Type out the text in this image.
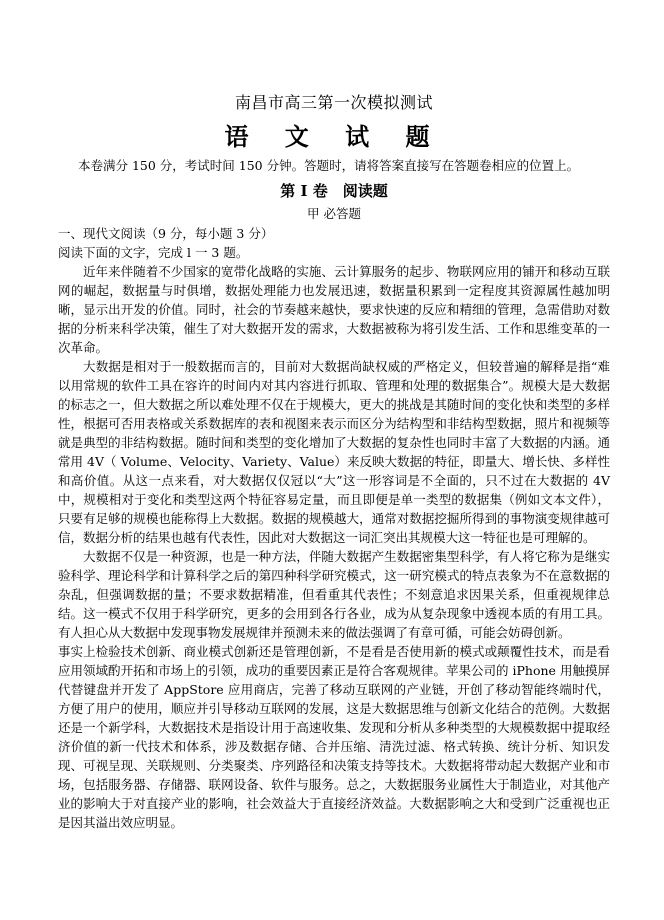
南昌市高三第一次模拟测试
语 文 试 题

本卷满分 150 分，考试时间 150 分钟。答题时，请将答案直接写在答题卷相应的位置上。

第 I 卷　阅读题
甲 必答题

一、现代文阅读（9 分，每小题 3 分）

阅读下面的文字，完成 l 一 3 题。

近年来伴随着不少国家的宽带化战略的实施、云计算服务的起步、物联网应用的铺开和移动互联网的崛起，数据量与时俱增，数据处理能力也发展迅速，数据量积累到一定程度其资源属性越加明晰，显示出开发的价值。同时，社会的节奏越来越快，要求快速的反应和精细的管理，急需借助对数据的分析来科学决策，催生了对大数据开发的需求，大数据被称为将引发生活、工作和思维变革的一次革命。

大数据是相对于一般数据而言的，目前对大数据尚缺权威的严格定义，但较普遍的解释是指“难以用常规的软件工具在容许的时间内对其内容进行抓取、管理和处理的数据集合”。规模大是大数据的标志之一，但大数据之所以难处理不仅在于规模大，更大的挑战是其随时间的变化快和类型的多样性，根据可否用表格或关系数据库的表和视图来表示而区分为结构型和非结构型数据，照片和视频等就是典型的非结构数据。随时间和类型的变化增加了大数据的复杂性也同时丰富了大数据的内涵。通常用 4V（ Volume、Velocity、Variety、Value）来反映大数据的特征，即量大、增长快、多样性和高价值。从这一点来看，对大数据仅仅冠以“大”这一形容词是不全面的，只不过在大数据的 4V 中，规模相对于变化和类型这两个特征容易定量，而且即便是单一类型的数据集（例如文本文件），只要有足够的规模也能称得上大数据。数据的规模越大，通常对数据挖掘所得到的事物演变规律越可信，数据分析的结果也越有代表性，因此对大数据这一词汇突出其规模大这一特征也是可理解的。

大数据不仅是一种资源，也是一种方法，伴随大数据产生数据密集型科学，有人将它称为是继实验科学、理论科学和计算科学之后的第四种科学研究模式，这一研究模式的特点表象为不在意数据的杂乱，但强调数据的量；不要求数据精准，但看重其代表性；不刻意追求因果关系，但重视规律总结。这一模式不仅用于科学研究，更多的会用到各行各业，成为从复杂现象中透视本质的有用工具。有人担心从大数据中发现事物发展规律并预测未来的做法强调了有章可循，可能会妨碍创新。

事实上检验技术创新、商业模式创新还是管理创新，不是看是否使用新的模式或颠覆性技术，而是看应用领域酌开拓和市场上的引领，成功的重要因素正是符合客观规律。苹果公司的 iPhone 用触摸屏代替键盘并开发了 AppStore 应用商店，完善了移动互联网的产业链，开创了移动智能终端时代，方便了用户的使用，顺应并引导移动互联网的发展，这是大数据思维与创新文化结合的范例。大数据还是一个新学科，大数据技术是指设计用于高速收集、发现和分析从多种类型的大规模数据中提取经济价值的新一代技术和体系，涉及数据存储、合并压缩、清洗过滤、格式转换、统计分析、知识发现、可视呈现、关联规则、分类聚类、序列路径和决策支持等技术。大数据将带动起大数据产业和市场，包括服务器、存储器、联网设备、软件与服务。总之，大数据服务业属性大于制造业，对其他产业的影响大于对直接产业的影响，社会效益大于直接经济效益。大数据影响之大和受到广泛重视也正是因其溢出效应明显。
